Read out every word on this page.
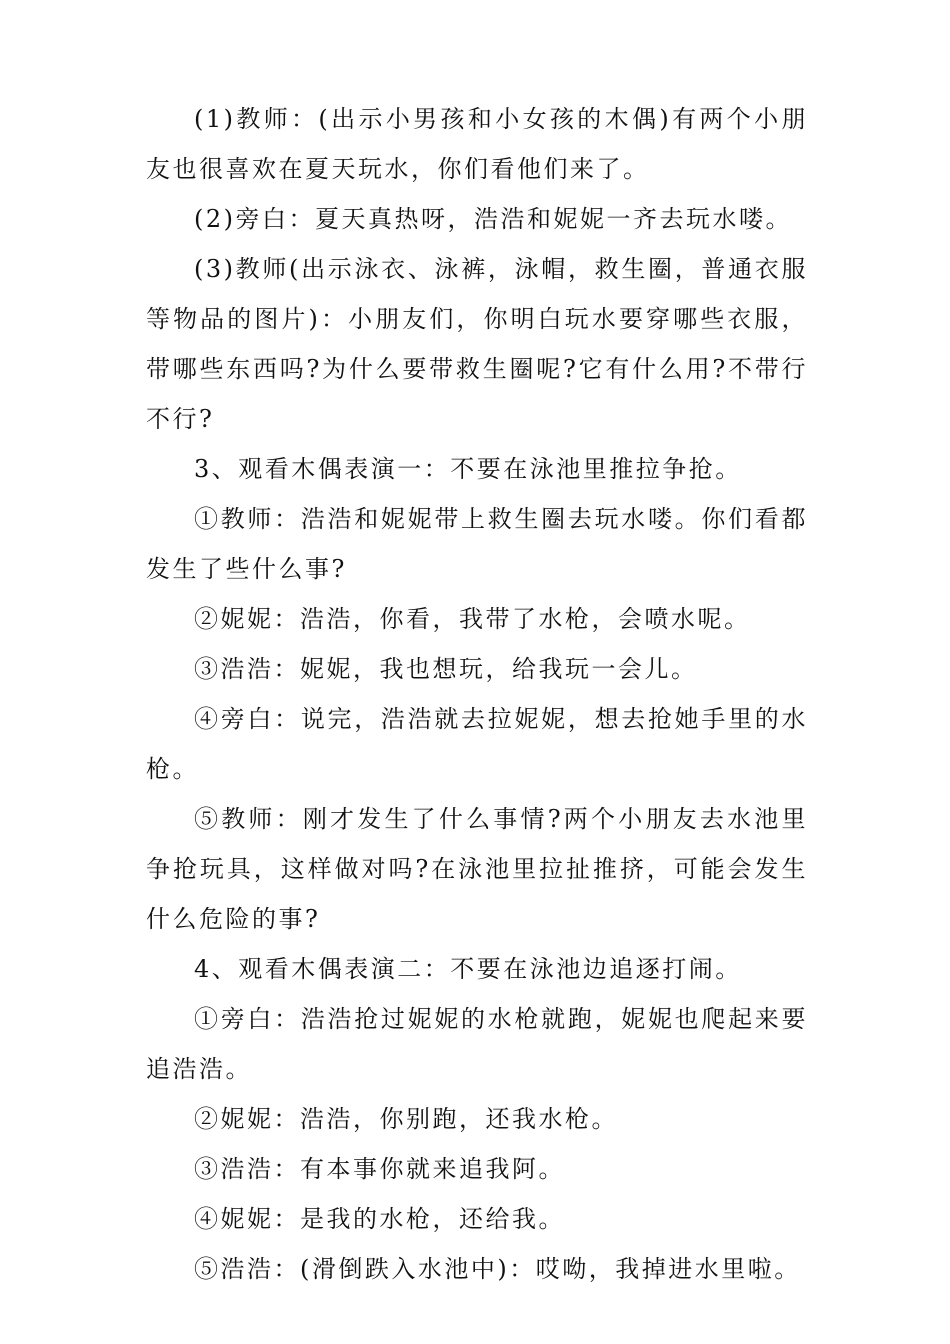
(1)教师：(出示小男孩和小女孩的木偶)有两个小朋友也很喜欢在夏天玩水，你们看他们来了。

(2)旁白：夏天真热呀，浩浩和妮妮一齐去玩水喽。

(3)教师(出示泳衣、泳裤，泳帽，救生圈，普通衣服等物品的图片)：小朋友们，你明白玩水要穿哪些衣服，带哪些东西吗?为什么要带救生圈呢?它有什么用?不带行不行?

3、观看木偶表演一：不要在泳池里推拉争抢。

①教师：浩浩和妮妮带上救生圈去玩水喽。你们看都发生了些什么事?

②妮妮：浩浩，你看，我带了水枪，会喷水呢。

③浩浩：妮妮，我也想玩，给我玩一会儿。

④旁白：说完，浩浩就去拉妮妮，想去抢她手里的水枪。

⑤教师：刚才发生了什么事情?两个小朋友去水池里争抢玩具，这样做对吗?在泳池里拉扯推挤，可能会发生什么危险的事?

4、观看木偶表演二：不要在泳池边追逐打闹。

①旁白：浩浩抢过妮妮的水枪就跑，妮妮也爬起来要追浩浩。

②妮妮：浩浩，你别跑，还我水枪。

③浩浩：有本事你就来追我阿。

④妮妮：是我的水枪，还给我。

⑤浩浩：(滑倒跌入水池中)：哎呦，我掉进水里啦。
